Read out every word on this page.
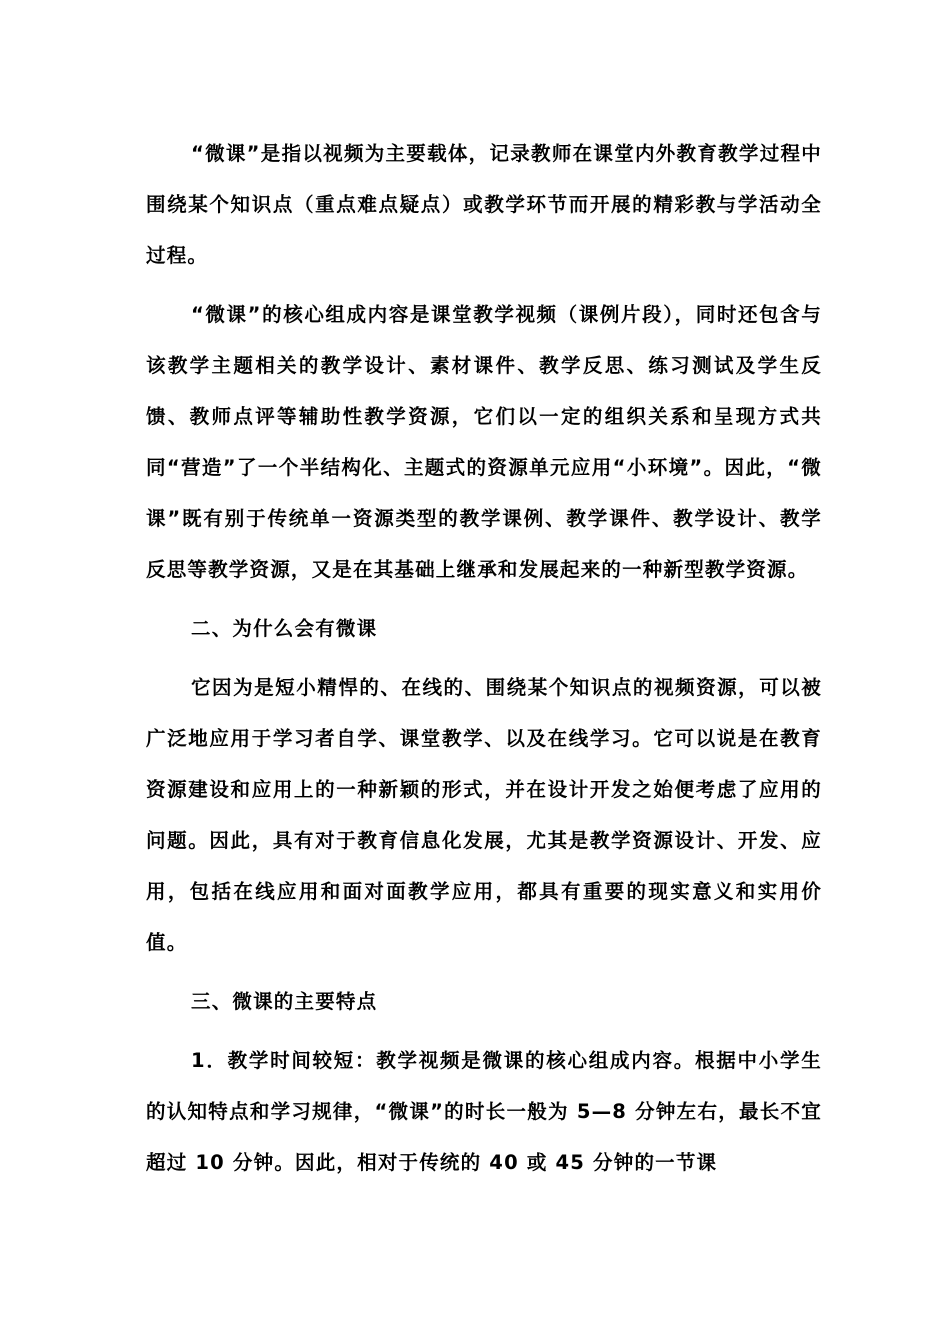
“微课”是指以视频为主要载体，记录教师在课堂内外教育教学过程中围绕某个知识点（重点难点疑点）或教学环节而开展的精彩教与学活动全过程。

“微课”的核心组成内容是课堂教学视频（课例片段），同时还包含与该教学主题相关的教学设计、素材课件、教学反思、练习测试及学生反馈、教师点评等辅助性教学资源，它们以一定的组织关系和呈现方式共同“营造”了一个半结构化、主题式的资源单元应用“小环境”。因此，“微课”既有别于传统单一资源类型的教学课例、教学课件、教学设计、教学反思等教学资源，又是在其基础上继承和发展起来的一种新型教学资源。

二、为什么会有微课

它因为是短小精悍的、在线的、围绕某个知识点的视频资源，可以被广泛地应用于学习者自学、课堂教学、以及在线学习。它可以说是在教育资源建设和应用上的一种新颖的形式，并在设计开发之始便考虑了应用的问题。因此，具有对于教育信息化发展，尤其是教学资源设计、开发、应用，包括在线应用和面对面教学应用，都具有重要的现实意义和实用价值。

三、微课的主要特点

1．教学时间较短：教学视频是微课的核心组成内容。根据中小学生的认知特点和学习规律，“微课”的时长一般为 5—8 分钟左右，最长不宜超过 10 分钟。因此，相对于传统的 40 或 45 分钟的一节课
